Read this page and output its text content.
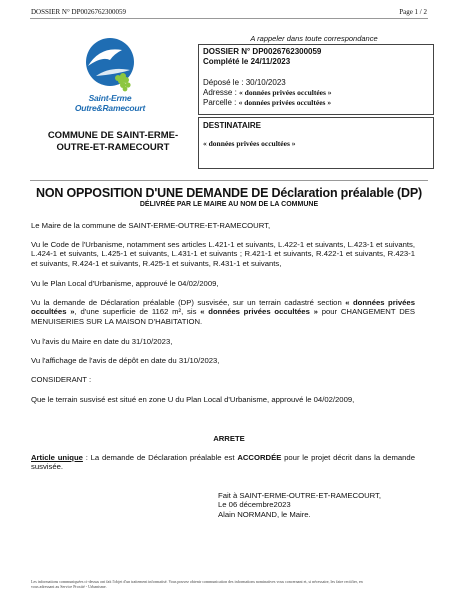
DOSSIER N° DP0026762300059	Page 1 / 2
A rappeler dans toute correspondance
Saint-Erme
Outre&Ramecourt
COMMUNE DE SAINT-ERME-
OUTRE-ET-RAMECOURT
DOSSIER N° DP0026762300059
Complété le 24/11/2023
Déposé le : 30/10/2023
Adresse : « données privées occultées »
Parcelle : « données privées occultées »
DESTINATAIRE
« données privées occultées »
NON OPPOSITION D'UNE DEMANDE DE Déclaration préalable (DP)
DÉLIVRÉE PAR LE MAIRE AU NOM DE LA COMMUNE
Le Maire de la commune de SAINT-ERME-OUTRE-ET-RAMECOURT,
Vu le Code de l'Urbanisme, notamment ses articles L.421-1 et suivants, L.422-1 et suivants, L.423-1 et suivants, L.424-1 et suivants, L.425-1 et suivants, L.431-1 et suivants ; R.421-1 et suivants, R.422-1 et suivants, R.423-1 et suivants, R.424-1 et suivants, R.425-1 et suivants, R.431-1 et suivants,
Vu le Plan Local d'Urbanisme, approuvé le 04/02/2009,
Vu la demande de Déclaration préalable (DP) susvisée, sur un terrain cadastré section « données privées occultées », d'une superficie de 1162 m², sis « données privées occultées » pour CHANGEMENT DES MENUISERIES SUR LA MAISON D'HABITATION.
Vu l'avis du Maire en date du 31/10/2023,
Vu l'affichage de l'avis de dépôt en date du 31/10/2023,
CONSIDERANT :
Que le terrain susvisé est situé en zone U du Plan Local d'Urbanisme, approuvé le 04/02/2009,
ARRETE
Article unique : La demande de Déclaration préalable est ACCORDÉE pour le projet décrit dans la demande susvisée.
Fait à SAINT-ERME-OUTRE-ET-RAMECOURT,
Le 06 décembre2023
Alain NORMAND, le Maire.
Les informations communiquées ci-dessus ont fait l'objet d'un traitement informatisé. Vous pouvez obtenir communication des informations nominatives vous concernant et, si nécessaire, les faire rectifier, en
vous adressant au Service Proxité - Urbanisme.
